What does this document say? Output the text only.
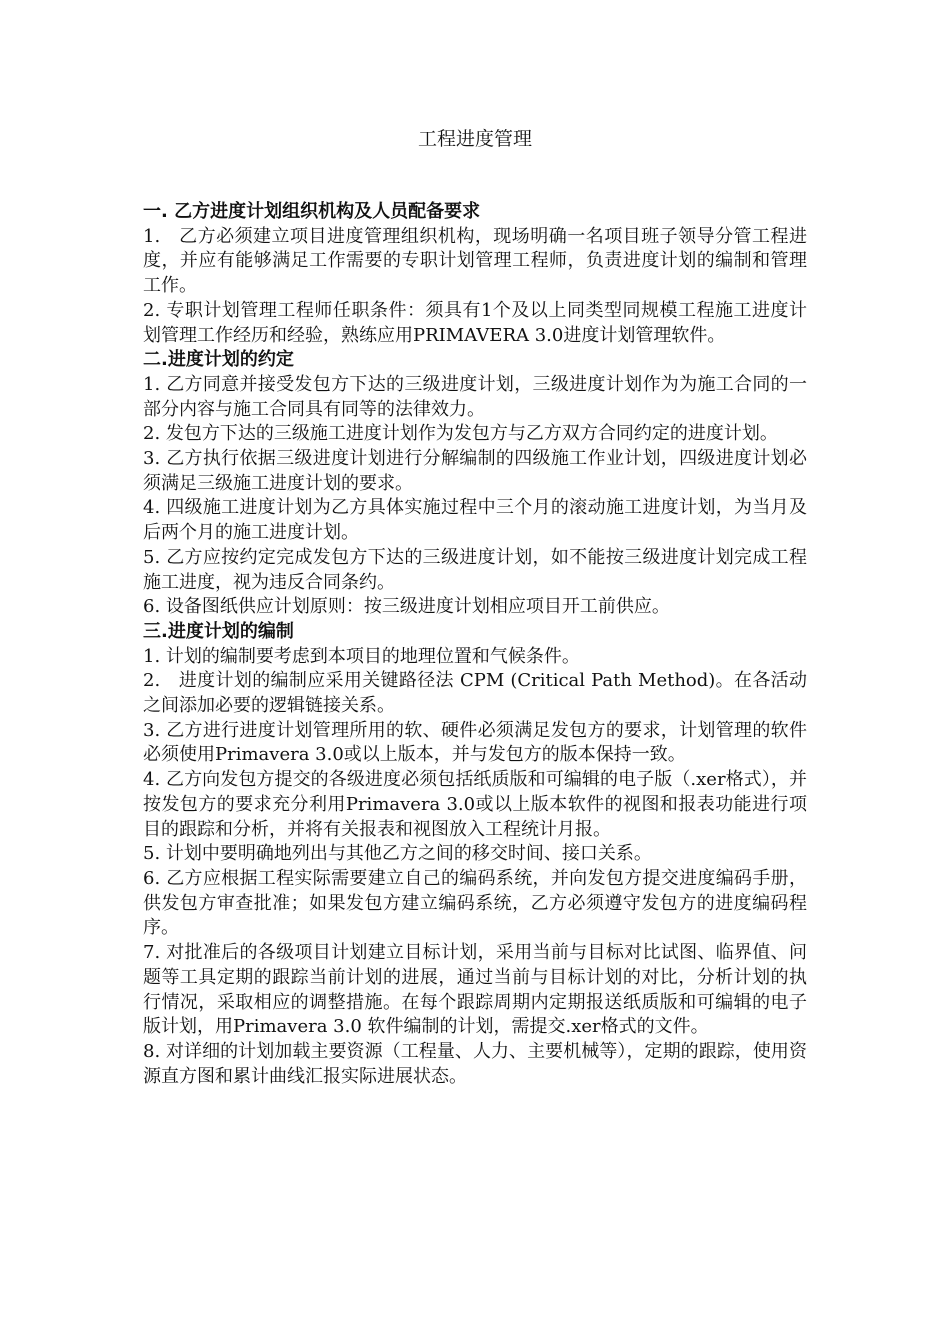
工程进度管理

一. 乙方进度计划组织机构及人员配备要求

1.　乙方必须建立项目进度管理组织机构，现场明确一名项目班子领导分管工程进度，并应有能够满足工作需要的专职计划管理工程师，负责进度计划的编制和管理工作。

2. 专职计划管理工程师任职条件：须具有1个及以上同类型同规模工程施工进度计划管理工作经历和经验，熟练应用PRIMAVERA 3.0进度计划管理软件。

二.进度计划的约定

1. 乙方同意并接受发包方下达的三级进度计划，三级进度计划作为为施工合同的一部分内容与施工合同具有同等的法律效力。

2. 发包方下达的三级施工进度计划作为发包方与乙方双方合同约定的进度计划。

3. 乙方执行依据三级进度计划进行分解编制的四级施工作业计划，四级进度计划必须满足三级施工进度计划的要求。

4. 四级施工进度计划为乙方具体实施过程中三个月的滚动施工进度计划，为当月及后两个月的施工进度计划。

5. 乙方应按约定完成发包方下达的三级进度计划，如不能按三级进度计划完成工程施工进度，视为违反合同条约。

6. 设备图纸供应计划原则：按三级进度计划相应项目开工前供应。

三.进度计划的编制

1. 计划的编制要考虑到本项目的地理位置和气候条件。

2.　进度计划的编制应采用关键路径法 CPM (Critical Path Method)。在各活动之间添加必要的逻辑链接关系。

3. 乙方进行进度计划管理所用的软、硬件必须满足发包方的要求，计划管理的软件必须使用Primavera 3.0或以上版本，并与发包方的版本保持一致。

4. 乙方向发包方提交的各级进度必须包括纸质版和可编辑的电子版（.xer格式），并按发包方的要求充分利用Primavera 3.0或以上版本软件的视图和报表功能进行项目的跟踪和分析，并将有关报表和视图放入工程统计月报。

5. 计划中要明确地列出与其他乙方之间的移交时间、接口关系。

6. 乙方应根据工程实际需要建立自己的编码系统，并向发包方提交进度编码手册，供发包方审查批准；如果发包方建立编码系统，乙方必须遵守发包方的进度编码程序。

7. 对批准后的各级项目计划建立目标计划，采用当前与目标对比试图、临界值、问题等工具定期的跟踪当前计划的进展，通过当前与目标计划的对比，分析计划的执行情况，采取相应的调整措施。在每个跟踪周期内定期报送纸质版和可编辑的电子版计划，用Primavera 3.0 软件编制的计划，需提交.xer格式的文件。

8. 对详细的计划加载主要资源（工程量、人力、主要机械等），定期的跟踪，使用资源直方图和累计曲线汇报实际进展状态。
